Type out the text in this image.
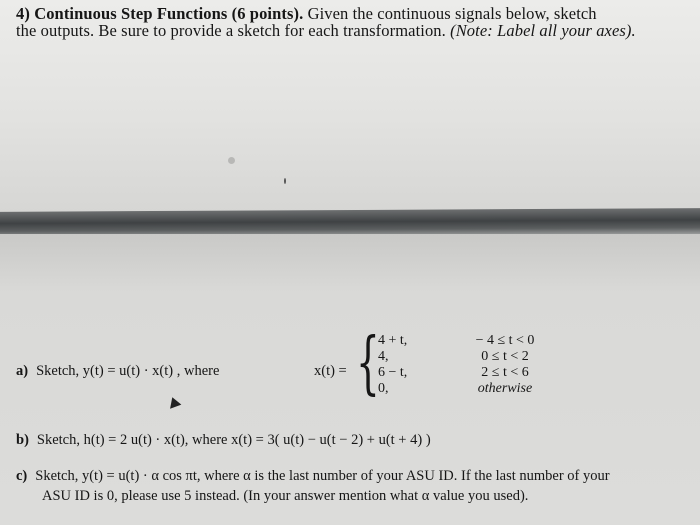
4) Continuous Step Functions (6 points). Given the continuous signals below, sketch
the outputs. Be sure to provide a sketch for each transformation. (Note: Label all your axes).
a) Sketch, y(t) = u(t) · x(t) , where	x(t) = {
4 + t,
4,
6 − t,
0,
− 4 ≤ t < 0
0 ≤ t < 2
2 ≤ t < 6
otherwise
b) Sketch, h(t) = 2 u(t) · x(t), where x(t) = 3( u(t) − u(t − 2) + u(t + 4) )
c) Sketch, y(t) = u(t) · α cos πt, where α is the last number of your ASU ID. If the last number of your
ASU ID is 0, please use 5 instead. (In your answer mention what α value you used).
